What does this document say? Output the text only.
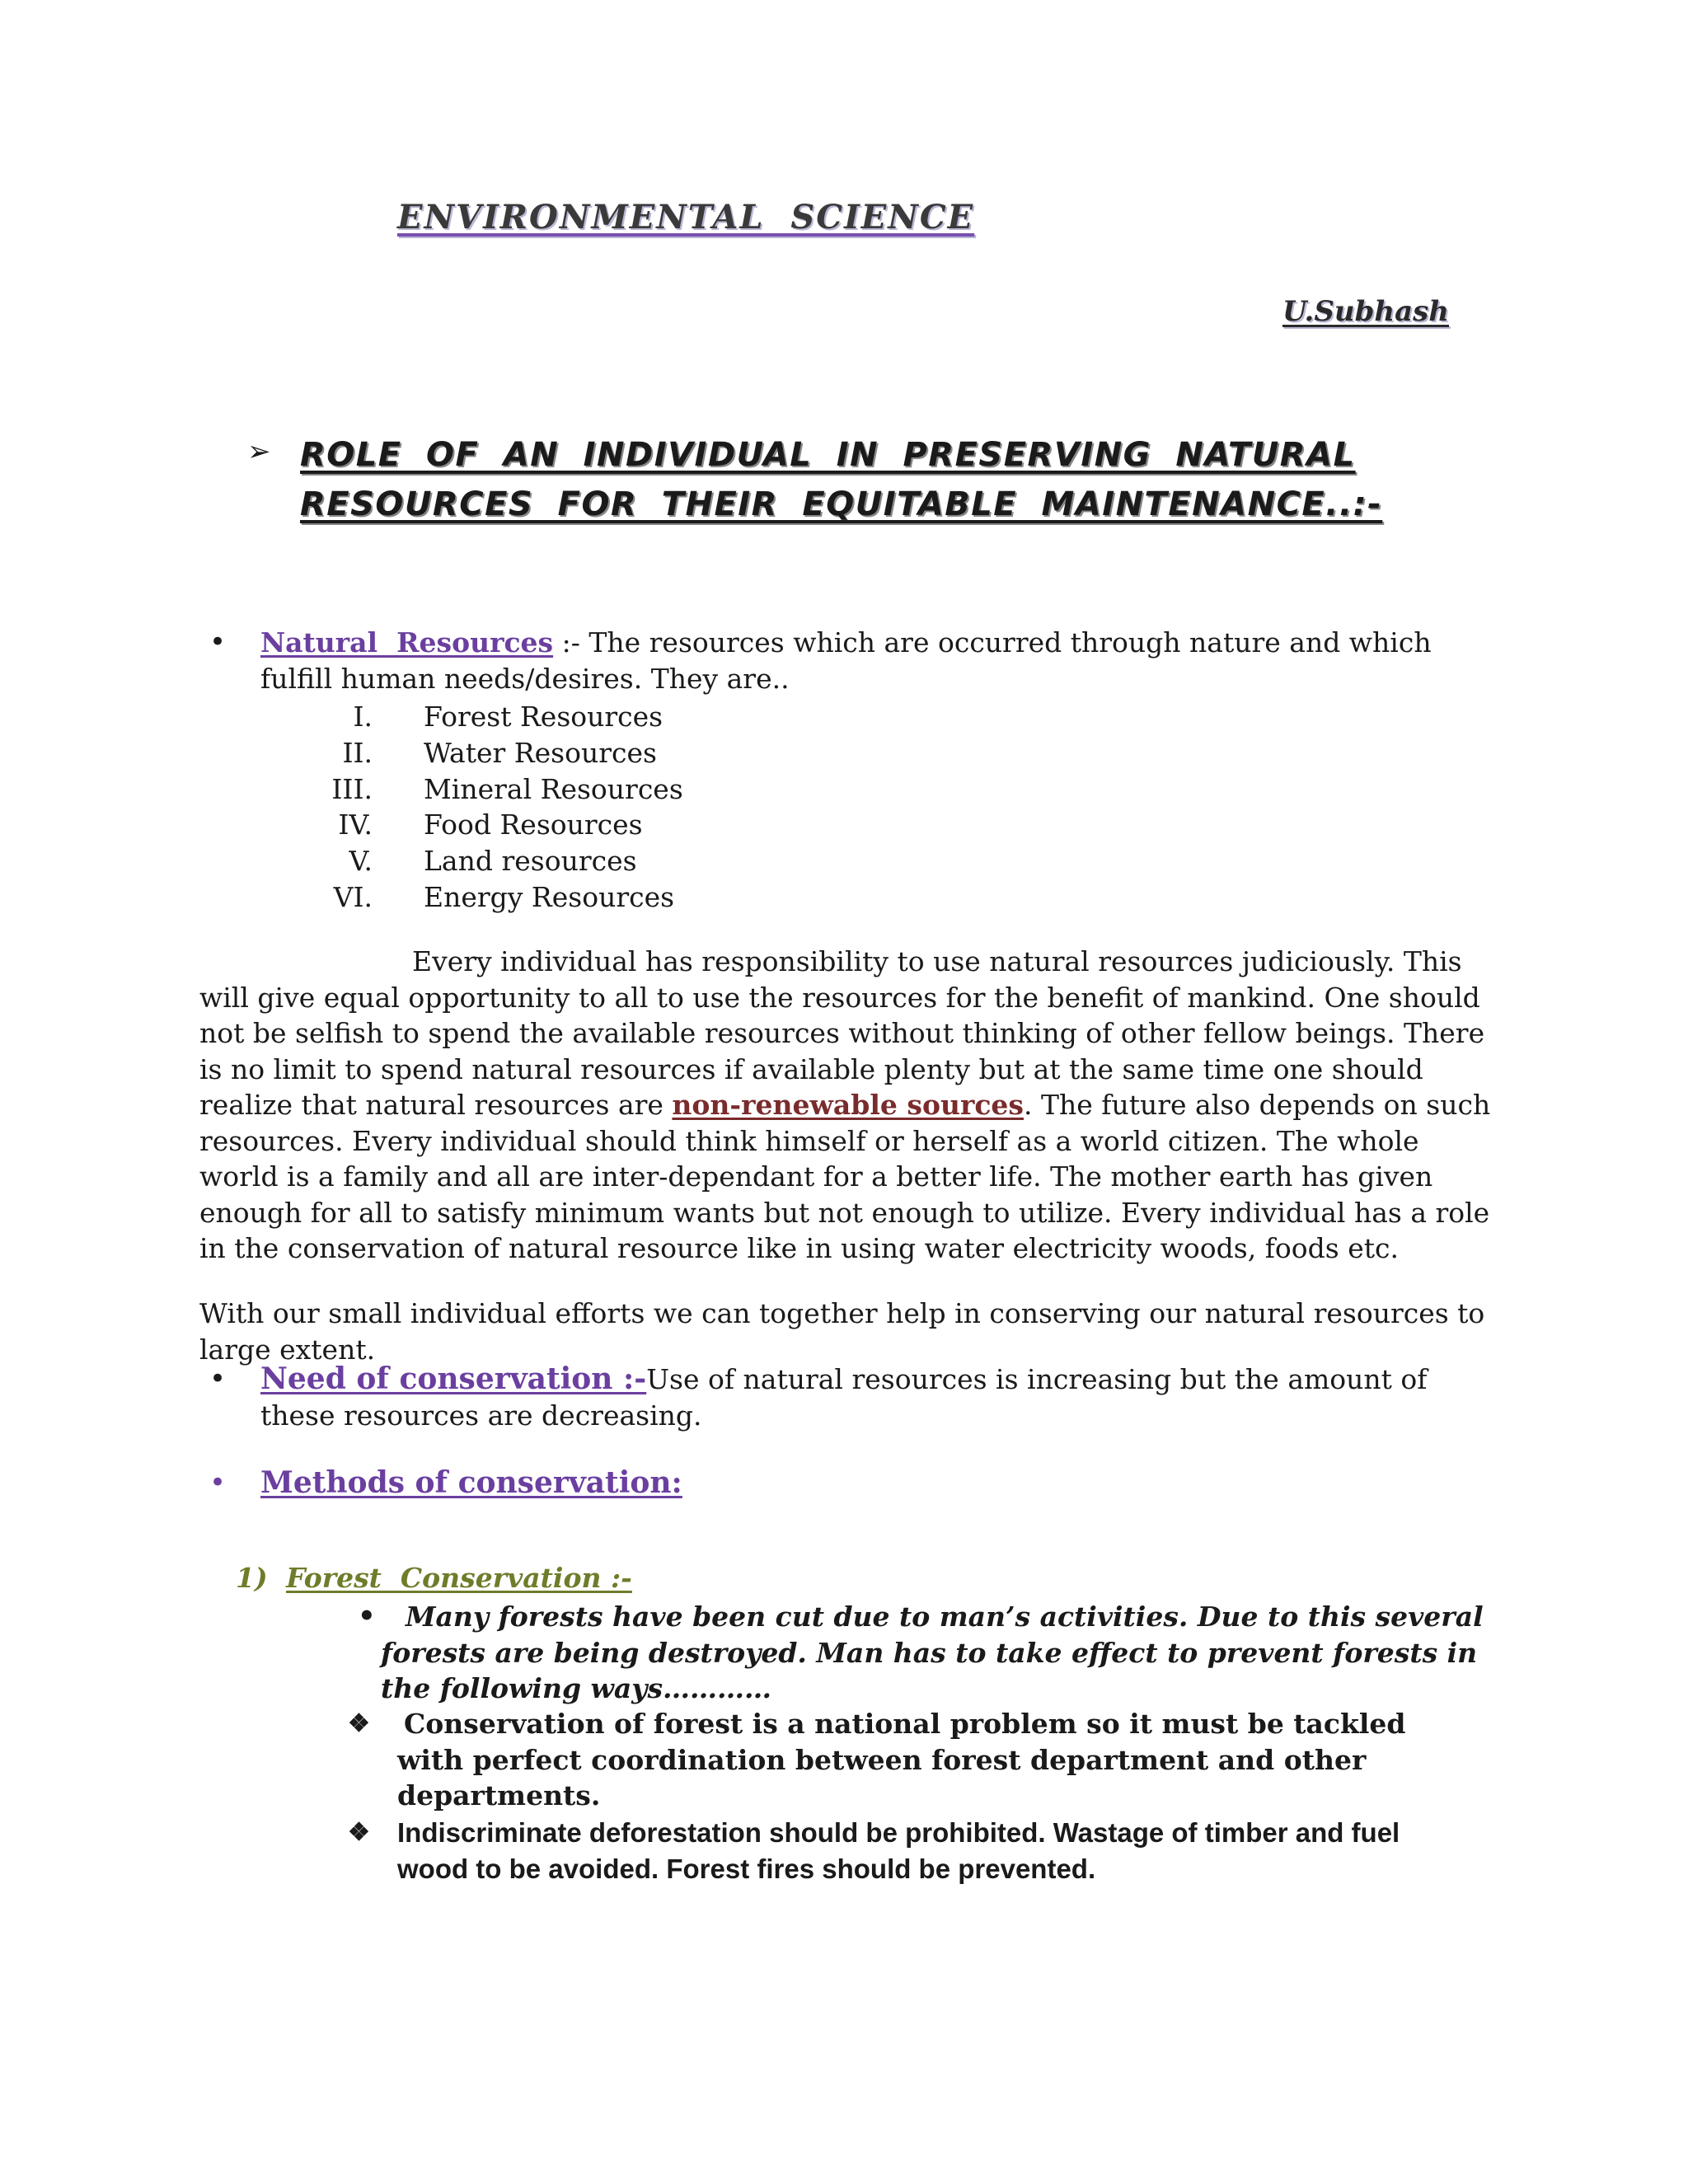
ENVIRONMENTAL  SCIENCE
U.Subhash
➢ ROLE OF AN INDIVIDUAL IN PRESERVING NATURAL RESOURCES FOR THEIR EQUITABLE MAINTENANCE..:-
• Natural  Resources :- The resources which are occurred through nature and which fulfill human needs/desires. They are..
I. Forest Resources
II. Water Resources
III. Mineral Resources
IV. Food Resources
V. Land resources
VI. Energy Resources
Every individual has responsibility to use natural resources judiciously. This will give equal opportunity to all to use the resources for the benefit of mankind. One should not be selfish to spend the available resources without thinking of other fellow beings. There is no limit to spend natural resources if available plenty but at the same time one should realize that natural resources are non-renewable sources. The future also depends on such resources. Every individual should think himself or herself as a world citizen. The whole world is a family and all are inter-dependant for a better life. The mother earth has given enough for all to satisfy minimum wants but not enough to utilize. Every individual has a role in the conservation of natural resource like in using water electricity woods, foods etc.
With our small individual efforts we can together help in conserving our natural resources to large extent.
• Need of conservation :-Use of natural resources is increasing but the amount of these resources are decreasing.
• Methods of conservation:
1) Forest  Conservation :-
• Many forests have been cut due to man’s activities. Due to this several forests are being destroyed. Man has to take effect to prevent forests in the following ways…………
❖ Conservation of forest is a national problem so it must be tackled with perfect coordination between forest department and other departments.
❖ Indiscriminate deforestation should be prohibited. Wastage of timber and fuel wood to be avoided. Forest fires should be prevented.
